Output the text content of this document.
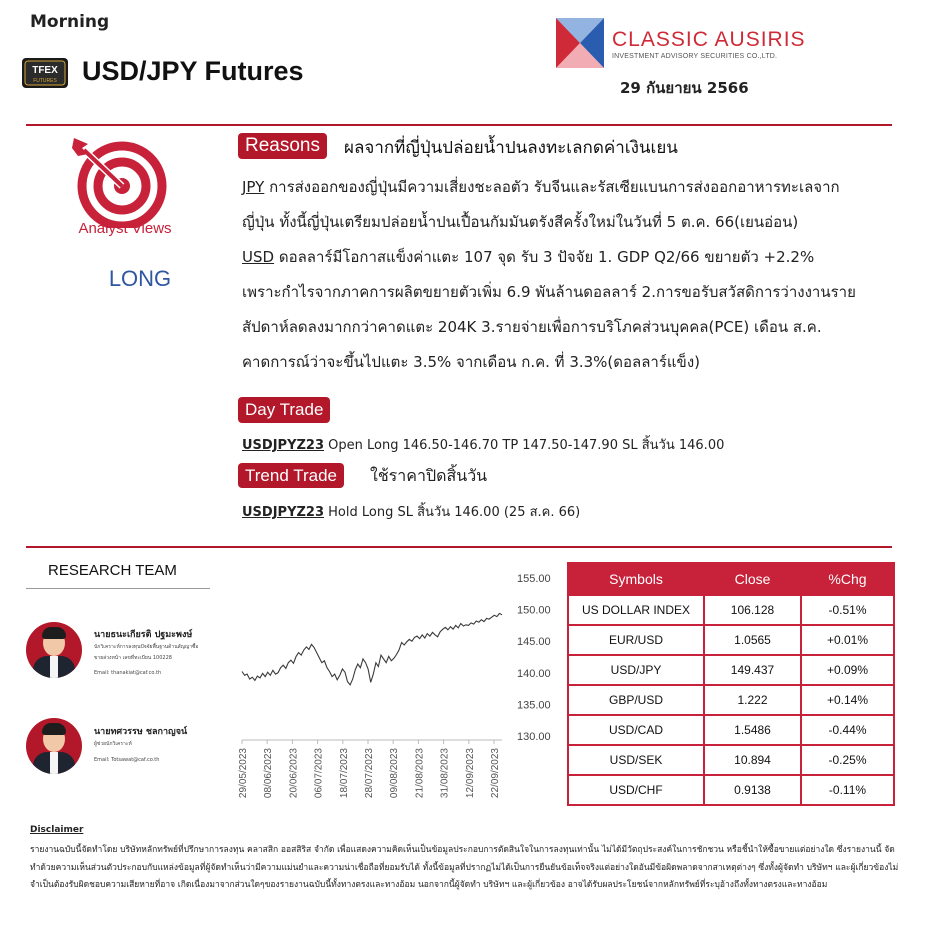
Morning
TFEX
FUTURES USD/JPY Futures
CLASSIC AUSIRIS
INVESTMENT ADVISORY SECURITIES CO.,LTD.
29 กันยายน 2566
Analyst Views
LONG
Reasons	ผลจากที่ญี่ปุ่นปล่อยน้ำปนลงทะเลกดค่าเงินเยน
JPY การส่งออกของญี่ปุ่นมีความเสี่ยงชะลอตัว รับจีนและรัสเซียแบนการส่งออกอาหารทะเลจาก
ญี่ปุ่น ทั้งนี้ญี่ปุ่นเตรียมปล่อยน้ำปนเปื้อนกัมมันตรังสีครั้งใหม่ในวันที่ 5 ต.ค. 66(เยนอ่อน)
USD ดอลลาร์มีโอกาสแข็งค่าแตะ 107 จุด รับ 3 ปัจจัย 1. GDP Q2/66 ขยายตัว +2.2%
เพราะกำไรจากภาคการผลิตขยายตัวเพิ่ม 6.9 พันล้านดอลลาร์ 2.การขอรับสวัสดิการว่างงานราย
สัปดาห์ลดลงมากกว่าคาดแตะ 204K 3.รายจ่ายเพื่อการบริโภคส่วนบุคคล(PCE) เดือน ส.ค.
คาดการณ์ว่าจะขึ้นไปแตะ 3.5% จากเดือน ก.ค. ที่ 3.3%(ดอลลาร์แข็ง)
Day Trade
USDJPYZ23 Open Long 146.50-146.70 TP 147.50-147.90 SL สิ้นวัน 146.00
Trend Trade	ใช้ราคาปิดสิ้นวัน
USDJPYZ23 Hold Long SL สิ้นวัน 146.00 (25 ส.ค. 66)
RESEARCH TEAM
นายธนะเกียรติ ปฐมะพงษ์
นักวิเคราะห์การลงทุนปัจจัยพื้นฐานด้านสัญญาซื้อ
ขายล่วงหน้า เลขที่ทะเบียน 100228
Email: thanakiat@caf.co.th
นายทศวรรษ ชลกาญจน์
ผู้ช่วยนักวิเคราะห์
Email: Totsawat@caf.co.th
155.00
150.00
145.00
140.00
135.00
130.00
29/05/2023 08/06/2023 20/06/2023 06/07/2023 18/07/2023 28/07/2023 09/08/2023 21/08/2023 31/08/2023 12/09/2023 22/09/2023
Symbols	Close	%Chg
US DOLLAR INDEX	106.128	-0.51%
EUR/USD	1.0565	+0.01%
USD/JPY	149.437	+0.09%
GBP/USD	1.222	+0.14%
USD/CAD	1.5486	-0.44%
USD/SEK	10.894	-0.25%
USD/CHF	0.9138	-0.11%
Disclaimer
รายงานฉบับนี้จัดทำโดย บริษัทหลักทรัพย์ที่ปรึกษาการลงทุน คลาสสิก ออสสิริส จำกัด เพื่อแสดงความคิดเห็นเป็นข้อมูลประกอบการตัดสินใจในการลงทุนเท่านั้น ไม่ได้มีวัตถุประสงค์ในการชักชวน หรือชี้นำให้ซื้อขายแต่อย่างใด ซึ่งรายงานนี้ จัดทำด้วยความเห็นส่วนตัวประกอบกับแหล่งข้อมูลที่ผู้จัดทำเห็นว่ามีความแม่นยำและความน่าเชื่อถือที่ยอมรับได้ ทั้งนี้ข้อมูลที่ปรากฏไม่ได้เป็นการยืนยันข้อเท็จจริงแต่อย่างใดอันมีข้อผิดพลาดจากสาเหตุต่างๆ ซึ่งทั้งผู้จัดทำ บริษัทฯ และผู้เกี่ยวข้องไม่จำเป็นต้องรับผิดชอบความเสียหายที่อาจ เกิดเนื่องมาจากส่วนใดๆของรายงานฉบับนี้ทั้งทางตรงและทางอ้อม นอกจากนี้ผู้จัดทำ บริษัทฯ และผู้เกี่ยวข้อง อาจได้รับผลประโยชน์จากหลักทรัพย์ที่ระบุอ้างถึงทั้งทางตรงและทางอ้อม
